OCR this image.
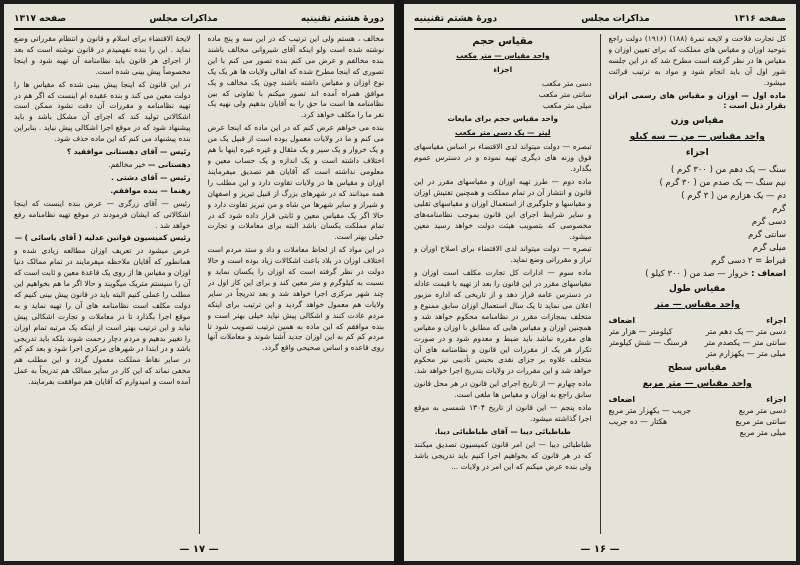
دورهٔ هشتم تقنینیه
مذاکرات مجلس
صفحه ۱۳۱۷

مخالف ، هستم ولی این ترتیب که در این سه و پنج ماده نوشته شده است ولو اینکه آقای شیروانی مخالف باشند بنده مخالفم و عرض می کنم بنده تصور می کنم با این تصوری که اینجا مطرح شده که اهالی ولایات ها هر یک یک نوع اوزان و مقیاس داشته باشند چون یک مخالف و یک موافق همراه آمده اند تصور میکنم با تفاوتی که بین نظامنامه ها است ما حق را به آقایان بدهیم ولی نهیه یک نفر ما را مکلف خواهد کرد.

بنده می خواهم عرض کنم که در این ماده که اینجا عرض می کنم و ما در ولایات معمول بوده است از قبیل یک من و یک خروار و یک سیر و یک مثقال و غیره غیره اینها با هم اختلاف داشته است و یک اندازه و یک حساب معین و معلومی نداشته است که آقایان هم تصدیق میفرمایند اوزان و مقیاس ها در ولایات تفاوت دارد و این مطلب را همه میدانند که در شهرهای بزرگ از قبیل تبریز و اصفهان و شیراز و سایر شهرها من شاه و من تبریز تفاوت دارد و حالا اگر یک مقیاس معین و ثابتی قرار داده شود که در تمام مملکت یکسان باشد البته برای معاملات و تجارت خیلی بهتر است.

در این مواد که از لحاظ معاملات و داد و ستد مردم است اختلاف اوزان در بلاد باعث اشکالات زیاد بوده است و حالا دولت در نظر گرفته است که اوزان را یکسان نماید و نسبت به کیلوگرم و متر معین کند و برای این کار اول در چند شهر مرکزی اجرا خواهد شد و بعد تدریجاً در سایر ولایات هم معمول خواهد گردید و این ترتیب برای اینکه مردم عادت کنند و اشکالی پیش نیاید خیلی بهتر است و بنده موافقم که این ماده به همین ترتیب تصویب شود تا مردم کم کم به این اوزان جدید آشنا شوند و معاملات آنها روی قاعده و اساس صحیحی واقع گردد.

لایحهٔ الاقتضاء برای اسلام و قانون و انتظام مقرراتی وضع نماید . این را بنده نفهمیدم در قانون نوشته است که بعد از اجرای هر قانون باید نظامنامه آن تهیه شود و اینجا مخصوصاً پیش بینی شده است.

در این قانون که اینجا پیش بینی شده که مقیاس ها را دولت معین می کند و بنده عقیده ام اینست که اگر هم در تهیه نظامنامه و مقررات آن دقت نشود ممکن است اشکالاتی تولید کند که اجرای آن مشکل باشد و باید پیشنهاد شود که در موقع اجرا اشکالی پیش نیاید . بنابراین بنده پیشنهاد می کنم که این ماده حذف شود.

رئیس — آقای دهستانی موافقید ؟

دهستانی — خیر مخالفم.

رئیس — آقای دشتی .

رهنما — بنده موافقم.

رئیس — آقای زرگری — عرض بنده اینست که اینجا اشکالاتی که ایشان فرمودند در موقع تهیه نظامنامه رفع خواهد شد .

رئیس کمیسیون قوانین عدلیه ( آقای یاسائی ) —

عرض میشود در تعریف اوزان مطالعه زیادی شده و همانطور که آقایان ملاحظه میفرمایند در تمام ممالک دنیا اوزان و مقیاس ها از روی یک قاعدهٔ معین و ثابت است که آن را سیستم متریک میگویند و حالا اگر ما هم بخواهیم این مطلب را عملی کنیم البته باید در قانون پیش بینی کنیم که دولت مکلف است نظامنامه های آن را تهیه نماید و به موقع اجرا بگذارد تا در معاملات و تجارت اشکالی پیش نیاید و این ترتیب بهتر است از اینکه یک مرتبه تمام اوزان را تغییر بدهیم و مردم دچار زحمت شوند بلکه باید تدریجی باشد و در ابتدا در شهرهای مرکزی اجرا شود و بعد کم کم در سایر نقاط مملکت معمول گردد و این مطلب هم مخفی نماند که این کار در سایر ممالک هم تدریجاً به عمل آمده است و امیدوارم که آقایان هم موافقت بفرمایند.

— ۱۷ —
صفحه ۱۳۱۶
مذاکرات مجلس
دورهٔ هشتم تقنینیه

کل تجارت فلاحت و لایحه نمرهٔ (۱۸۸) (۱۹۱۶) دولت راجع بتوحید اوزان و مقیاس های مملکت که برای تعیین اوزان و مقیاس ها در نظر گرفته است مطرح شد که در این جلسه شور اول آن باید انجام شود و مواد به ترتیب قرائت میشود.

ماده اول — اوزان و مقیاس های رسمی ایران بقرار ذیل است :

مقیاس وزن
واحد مقیاس — من — سه کیلو
اجزاء
سنگ — یک دهم من ( ۳۰۰ گرم )
نیم سنگ — یک صدم من ( ۳۰ گرم )
دم — یک هزارم من ( ۳ گرم )
گرم
دسی گرم
سانتی گرم
میلی گرم
قیراط = ۲ دسی گرم
اضعاف : خروار — صد من ( ۳۰۰ کیلو )
مقیاس طول
واحد مقیاس — متر
اجزاء
اضعاف
دسی متر — یک دهم متر
کیلومتر — هزار متر
سانتی متر — یکصدم متر
فرسنگ — شش کیلومتر
میلی متر — یکهزارم متر
مقیاس سطح
واحد مقیاس — متر مربع
اجزاء
اضعاف
دسی متر مربع
جریب — یکهزار متر مربع
سانتی متر مربع
هکتار — ده جریب
میلی متر مربع
مقیاس حجم
واحد مقیاس — متر مکعب
اجزاء
دسی متر مکعب
سانتی متر مکعب
میلی متر مکعب
واحد مقیاس حجم برای مایعات
لیتر — یک دسی متر مکعب

تبصره — دولت میتواند لدی الاقتضاء بر اساس مقیاسهای فوق وزنه های دیگری تهیه نموده و در دسترس عموم بگذارد.

ماده دوم — طرز تهیه اوزان و مقیاسهای مقرر در این قانون و انتشار آن در تمام مملکت و همچنین تفتیش اوزان و مقیاسها و جلوگیری از استعمال اوزان و مقیاسهای تقلبی و سایر شرایط اجرای این قانون بموجب نظامنامه‌های مخصوصی که بتصویب هیئت دولت خواهد رسید معین میشود.

تبصره — دولت میتواند لدی الاقتضاء برای اصلاح اوزان و تراز و مقرراتی وضع نماید.

ماده سوم — ادارات کل تجارت مکلف است اوزان و مقیاسهای مقرر در این قانون را بعد از تهیه با قیمت عادله در دسترس عامه قرار دهد و از تاریخی که اداره مزبور اعلان می نماید تا یک سال استعمال اوزان سابق ممنوع و متخلف بمجازات مقرر در نظامنامه محکوم خواهد شد و همچنین اوزان و مقیاس هایی که مطابق با اوزان و مقیاس های مقرره نباشد باید ضبط و معدوم شود و در صورت تکرار هر یک از مقررات این قانون و نظامنامه های آن متخلف علاوه بر جزای نقدی بحبس تأدیبی نیز محکوم خواهد شد و این مقررات در ولایات بتدریج اجرا خواهد شد.

ماده چهارم — از تاریخ اجرای این قانون در هر محل قانون سابق راجع به اوزان و مقیاس ها ملغی است.

ماده پنجم — این قانون از تاریخ ۱۳۰۴ شمسی به موقع اجرا گذاشته میشود.

طباطبائی دیبا — آقای طباطبائی دیبا.

طباطبائی دیبا — این امر قانون کمیسیون تصدیق میکنند که در هر قانون که بخواهیم اجرا کنیم باید تدریجی باشد ولی بنده عرض میکنم که این امر در ولایات ...

— ۱۶ —
